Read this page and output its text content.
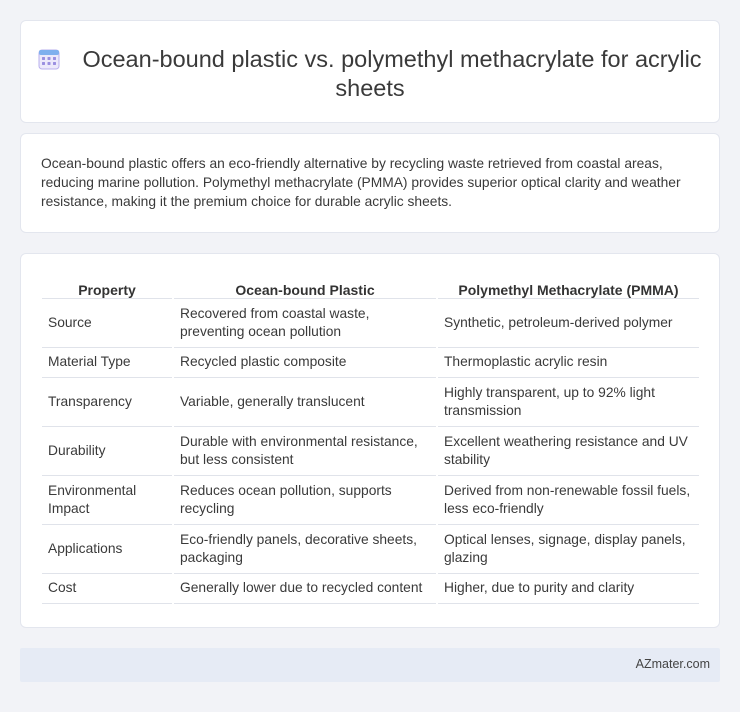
Ocean-bound plastic vs. polymethyl methacrylate for acrylic sheets

Ocean-bound plastic offers an eco-friendly alternative by recycling waste retrieved from coastal areas, reducing marine pollution. Polymethyl methacrylate (PMMA) provides superior optical clarity and weather resistance, making it the premium choice for durable acrylic sheets.

Property	Ocean-bound Plastic	Polymethyl Methacrylate (PMMA)
Source	Recovered from coastal waste, preventing ocean pollution	Synthetic, petroleum-derived polymer
Material Type	Recycled plastic composite	Thermoplastic acrylic resin
Transparency	Variable, generally translucent	Highly transparent, up to 92% light transmission
Durability	Durable with environmental resistance, but less consistent	Excellent weathering resistance and UV stability
Environmental Impact	Reduces ocean pollution, supports recycling	Derived from non-renewable fossil fuels, less eco-friendly
Applications	Eco-friendly panels, decorative sheets, packaging	Optical lenses, signage, display panels, glazing
Cost	Generally lower due to recycled content	Higher, due to purity and clarity
AZmater.com
